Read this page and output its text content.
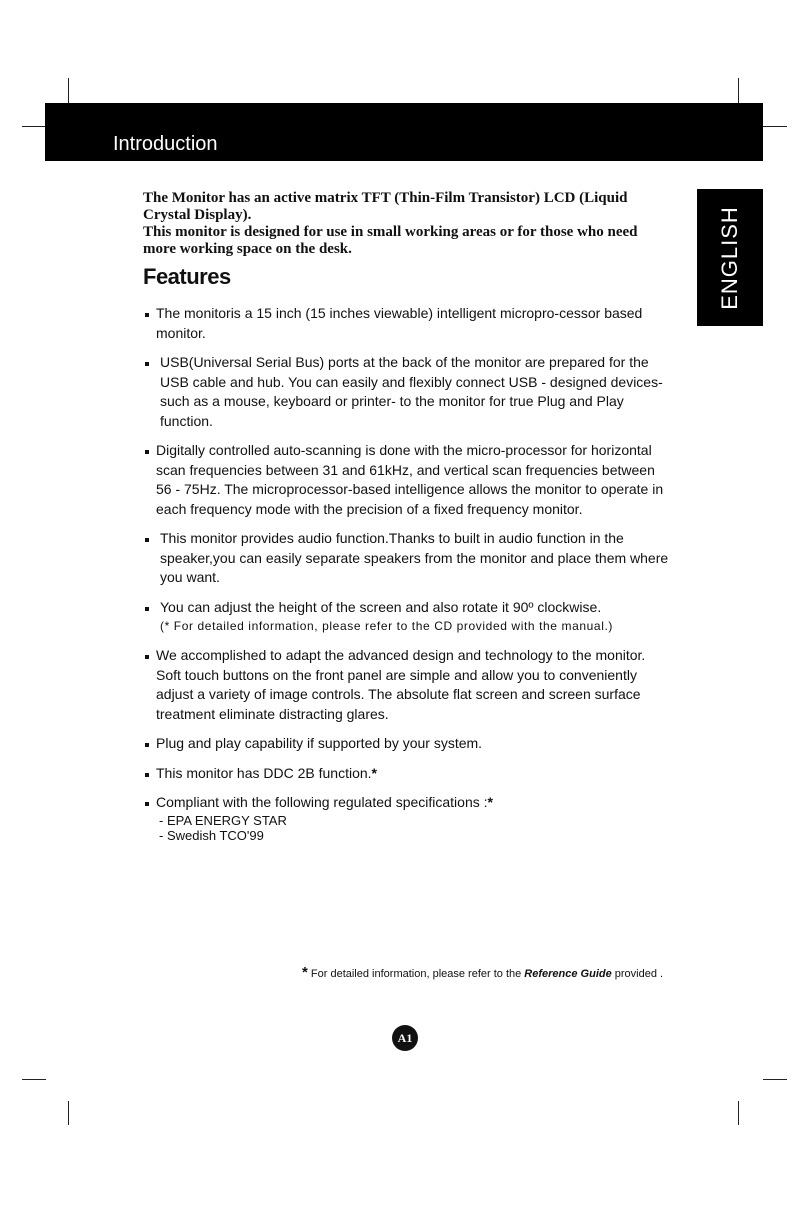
Introduction
ENGLISH

The Monitor has an active matrix TFT (Thin-Film Transistor) LCD (Liquid Crystal Display).

This monitor is designed for use in small working areas or for those who need more working space on the desk.

Features
The monitoris a 15 inch (15 inches viewable) intelligent micropro-cessor based monitor.
USB(Universal Serial Bus) ports at the back of the monitor are prepared for the USB cable and hub. You can easily and flexibly connect USB - designed devices-such as a mouse, keyboard or printer- to the monitor for true Plug and Play function.
Digitally controlled auto-scanning is done with the micro-processor for horizontal scan frequencies between 31 and 61kHz, and vertical scan frequencies between 56 - 75Hz. The microprocessor-based intelligence allows the monitor to operate in each frequency mode with the precision of a fixed frequency monitor.
This monitor provides audio function.Thanks to built in audio function in the speaker,you can easily separate speakers from the monitor and place them where you want.
You can adjust the height of the screen and also rotate it 90º clockwise.
(* For detailed information, please refer to the CD provided with the manual.)
We accomplished to adapt the advanced design and technology to the monitor. Soft touch buttons on the front panel are simple and allow you to conveniently adjust a variety of image controls. The absolute flat screen and screen surface treatment eliminate distracting glares.
Plug and play capability if supported by your system.
This monitor has DDC 2B function.*
Compliant with the following regulated specifications :*
- EPA ENERGY STAR
- Swedish TCO'99
* For detailed information, please refer to the Reference Guide provided .
A1
